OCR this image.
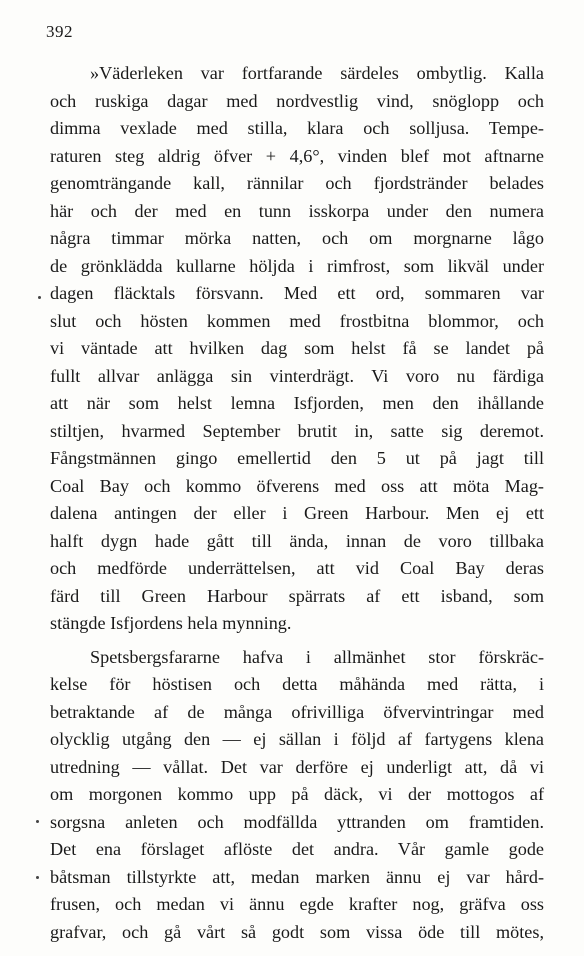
392
»Väderleken var fortfarande särdeles ombytlig. Kalla
och ruskiga dagar med nordvestlig vind, snöglopp och
dimma vexlade med stilla, klara och solljusa. Tempe-
raturen steg aldrig öfver + 4,6°, vinden blef mot aftnarne
genomträngande kall, rännilar och fjordstränder belades
här och der med en tunn isskorpa under den numera
några timmar mörka natten, och om morgnarne lågo
de grönklädda kullarne höljda i rimfrost, som likväl under
dagen fläcktals försvann. Med ett ord, sommaren var
slut och hösten kommen med frostbitna blommor, och
vi väntade att hvilken dag som helst få se landet på
fullt allvar anlägga sin vinterdrägt. Vi voro nu färdiga
att när som helst lemna Isfjorden, men den ihållande
stiltjen, hvarmed September brutit in, satte sig deremot.
Fångstmännen gingo emellertid den 5 ut på jagt till
Coal Bay och kommo öfverens med oss att möta Mag-
dalena antingen der eller i Green Harbour. Men ej ett
halft dygn hade gått till ända, innan de voro tillbaka
och medförde underrättelsen, att vid Coal Bay deras
färd till Green Harbour spärrats af ett isband, som
stängde Isfjordens hela mynning.
Spetsbergsfararne hafva i allmänhet stor förskräc-
kelse för höstisen och detta måhända med rätta, i
betraktande af de många ofrivilliga öfvervintringar med
olycklig utgång den — ej sällan i följd af fartygens klena
utredning — vållat. Det var derföre ej underligt att, då vi
om morgonen kommo upp på däck, vi der mottogos af
sorgsna anleten och modfällda yttranden om framtiden.
Det ena förslaget aflöste det andra. Vår gamle gode
båtsman tillstyrkte att, medan marken ännu ej var hård-
frusen, och medan vi ännu egde krafter nog, gräfva oss
grafvar, och gå vårt så godt som vissa öde till mötes,
